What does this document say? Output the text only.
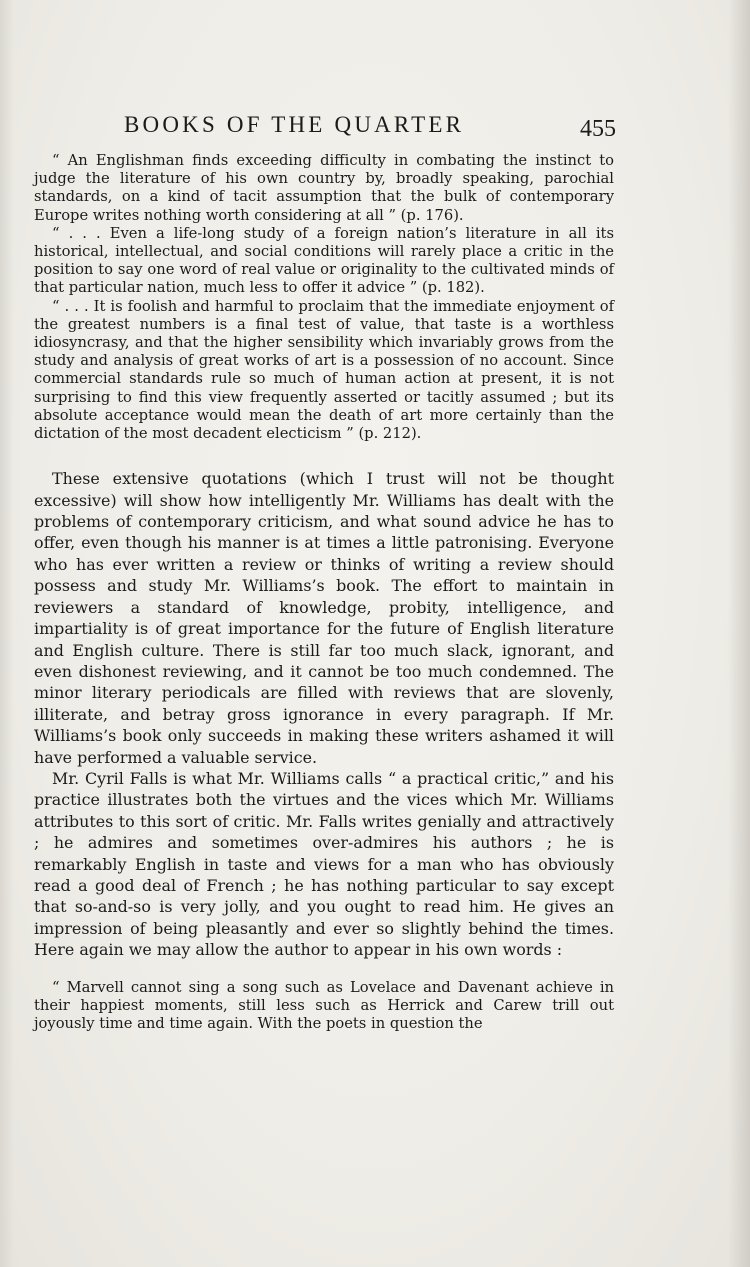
BOOKS OF THE QUARTER	455

“ An Englishman finds exceeding difficulty in combating the instinct to judge the literature of his own country by, broadly speaking, parochial standards, on a kind of tacit assumption that the bulk of contemporary Europe writes nothing worth considering at all ” (p. 176).

“ . . . Even a life-long study of a foreign nation’s literature in all its historical, intellectual, and social conditions will rarely place a critic in the position to say one word of real value or originality to the cultivated minds of that particular nation, much less to offer it advice ” (p. 182).

“ . . . It is foolish and harmful to proclaim that the immediate enjoyment of the greatest numbers is a final test of value, that taste is a worthless idiosyncrasy, and that the higher sensibility which invariably grows from the study and analysis of great works of art is a possession of no account. Since commercial standards rule so much of human action at present, it is not surprising to find this view frequently asserted or tacitly assumed ; but its absolute acceptance would mean the death of art more certainly than the dictation of the most decadent electicism ” (p. 212).

These extensive quotations (which I trust will not be thought excessive) will show how intelligently Mr. Williams has dealt with the problems of contemporary criticism, and what sound advice he has to offer, even though his manner is at times a little patronising. Everyone who has ever written a review or thinks of writing a review should possess and study Mr. Williams’s book. The effort to maintain in reviewers a standard of knowledge, probity, intelligence, and impartiality is of great importance for the future of English literature and English culture. There is still far too much slack, ignorant, and even dishonest reviewing, and it cannot be too much condemned. The minor literary periodicals are filled with reviews that are slovenly, illiterate, and betray gross ignorance in every paragraph. If Mr. Williams’s book only succeeds in making these writers ashamed it will have performed a valuable service.

Mr. Cyril Falls is what Mr. Williams calls “ a practical critic,” and his practice illustrates both the virtues and the vices which Mr. Williams attributes to this sort of critic. Mr. Falls writes genially and attractively ; he admires and sometimes over-admires his authors ; he is remarkably English in taste and views for a man who has obviously read a good deal of French ; he has nothing particular to say except that so-and-so is very jolly, and you ought to read him. He gives an impression of being pleasantly and ever so slightly behind the times. Here again we may allow the author to appear in his own words :

“ Marvell cannot sing a song such as Lovelace and Davenant achieve in their happiest moments, still less such as Herrick and Carew trill out joyously time and time again. With the poets in question the
